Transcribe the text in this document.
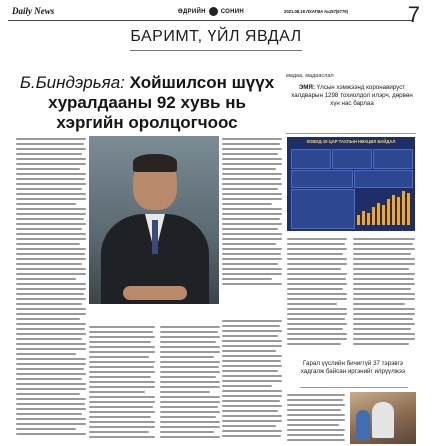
Daily News	ӨДРИЙН	СОНИН	2021.08.18 ЛХАГВА №157(6779)	7
БАРИМТ, ҮЙЛ ЯВДАЛ
Б.Биндэрьяа: Хойшилсон шүүх хуралдааны 92 хувь нь хэргийн оролцогчоос
мадаа, мадааслал
ЭМЯ: Үлсын хэмжээнд коронавируст халдварын 1298 тохиолдол илэрч, дөрвөн хүн нас барлаа
КОВИД-19 ЦАР ТАХЛЫН НӨХЦӨЛ БАЙДАЛ
Гарал үүслийн бичиггүй 37 тэрэвгэ хадгалж байсан иргэнийг илрүүлжээ
